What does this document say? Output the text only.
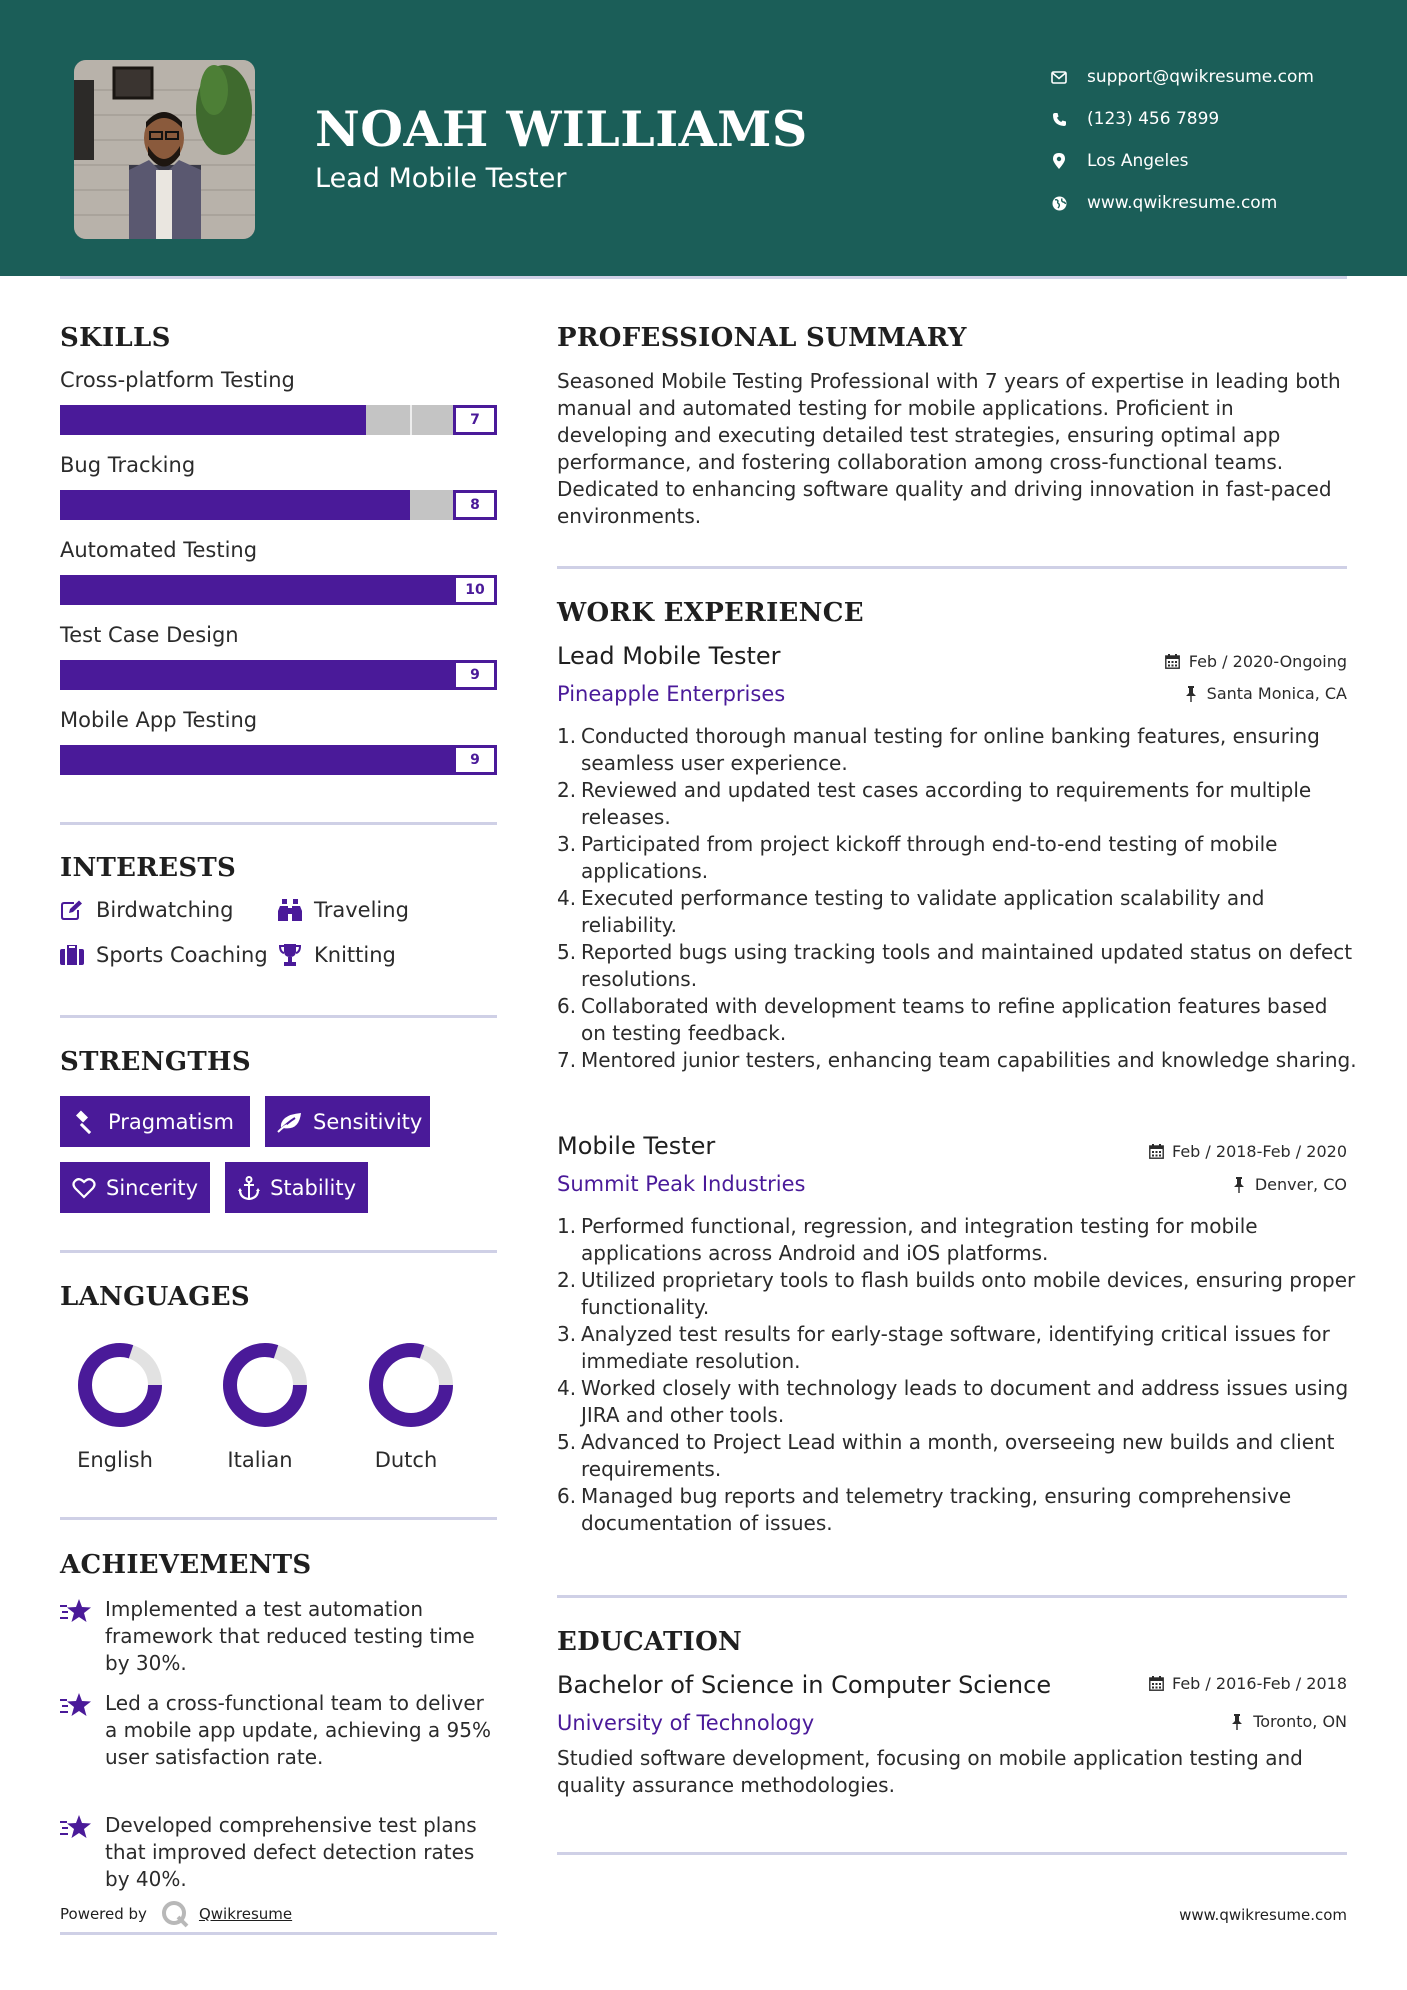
NOAH WILLIAMS
Lead Mobile Tester
support@qwikresume.com
(123) 456 7899
Los Angeles
www.qwikresume.com
SKILLS
Cross-platform Testing
7
Bug Tracking
8
Automated Testing
10
Test Case Design
9
Mobile App Testing
9
INTERESTS
Birdwatching	Traveling
Sports Coaching Knitting
STRENGTHS
Pragmatism	Sensitivity
Sincerity	Stability
LANGUAGES
English	Italian	Dutch
ACHIEVEMENTS
Implemented a test automation framework that reduced testing time by 30%.
Led a cross-functional team to deliver a mobile app update, achieving a 95% user satisfaction rate.
Developed comprehensive test plans that improved defect detection rates by 40%.
PROFESSIONAL SUMMARY
Seasoned Mobile Testing Professional with 7 years of expertise in leading both manual and automated testing for mobile applications. Proficient in developing and executing detailed test strategies, ensuring optimal app performance, and fostering collaboration among cross-functional teams. Dedicated to enhancing software quality and driving innovation in fast-paced environments.
WORK EXPERIENCE
Lead Mobile Tester	Feb / 2020-Ongoing
Pineapple Enterprises	Santa Monica, CA
1. Conducted thorough manual testing for online banking features, ensuring seamless user experience.
2. Reviewed and updated test cases according to requirements for multiple releases.
3. Participated from project kickoff through end-to-end testing of mobile applications.
4. Executed performance testing to validate application scalability and reliability.
5. Reported bugs using tracking tools and maintained updated status on defect resolutions.
6. Collaborated with development teams to refine application features based on testing feedback.
7. Mentored junior testers, enhancing team capabilities and knowledge sharing.
Mobile Tester	Feb / 2018-Feb / 2020
Summit Peak Industries	Denver, CO
1. Performed functional, regression, and integration testing for mobile applications across Android and iOS platforms.
2. Utilized proprietary tools to flash builds onto mobile devices, ensuring proper functionality.
3. Analyzed test results for early-stage software, identifying critical issues for immediate resolution.
4. Worked closely with technology leads to document and address issues using JIRA and other tools.
5. Advanced to Project Lead within a month, overseeing new builds and client requirements.
6. Managed bug reports and telemetry tracking, ensuring comprehensive documentation of issues.
EDUCATION
Bachelor of Science in Computer Science	Feb / 2016-Feb / 2018
University of Technology	Toronto, ON
Studied software development, focusing on mobile application testing and quality assurance methodologies.
Powered by	Qwikresume	www.qwikresume.com
